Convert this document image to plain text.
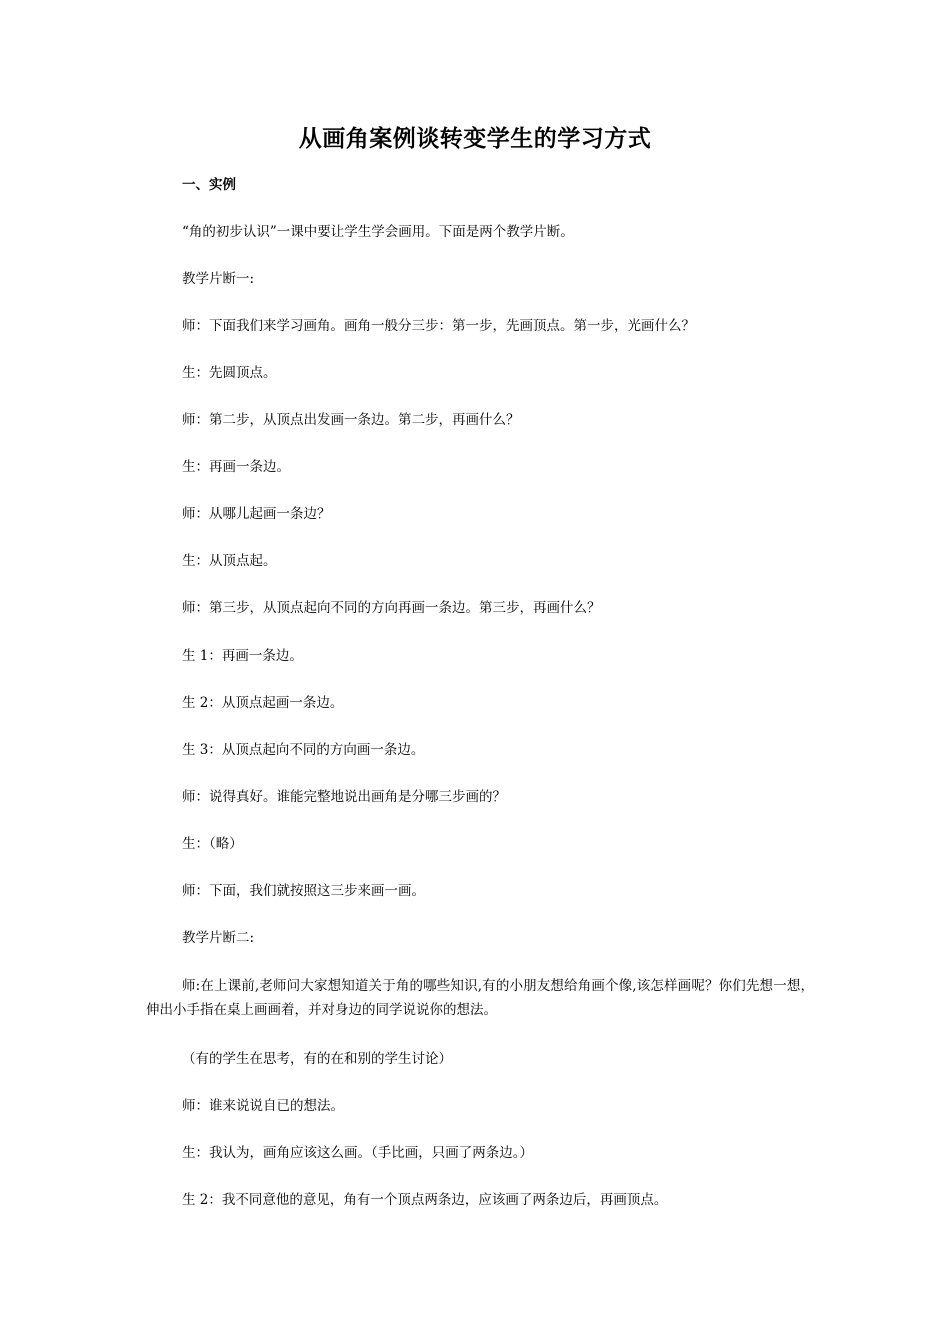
从画角案例谈转变学生的学习方式
一、实例
“角的初步认识”一课中要让学生学会画用。下面是两个教学片断。
教学片断一:
师：下面我们来学习画角。画角一般分三步：第一步，先画顶点。第一步，光画什么？
生：先圆顶点。
师：第二步，从顶点出发画一条边。第二步，再画什么？
生：再画一条边。
师：从哪儿起画一条边？
生：从顶点起。
师：第三步，从顶点起向不同的方向再画一条边。第三步，再画什么？
生 1：再画一条边。
生 2：从顶点起画一条边。
生 3：从顶点起向不同的方向画一条边。
师：说得真好。谁能完整地说出画角是分哪三步画的？
生：（略）
师：下面，我们就按照这三步来画一画。
教学片断二:
师:在上课前,老师问大家想知道关于角的哪些知识,有的小朋友想给角画个像,该怎样画呢？你们先想一想，伸出小手指在桌上画画着，并对身边的同学说说你的想法。
（有的学生在思考，有的在和别的学生讨论）
师：谁来说说自已的想法。
生：我认为，画角应该这么画。（手比画，只画了两条边。）
生 2：我不同意他的意见，角有一个顶点两条边，应该画了两条边后，再画顶点。
